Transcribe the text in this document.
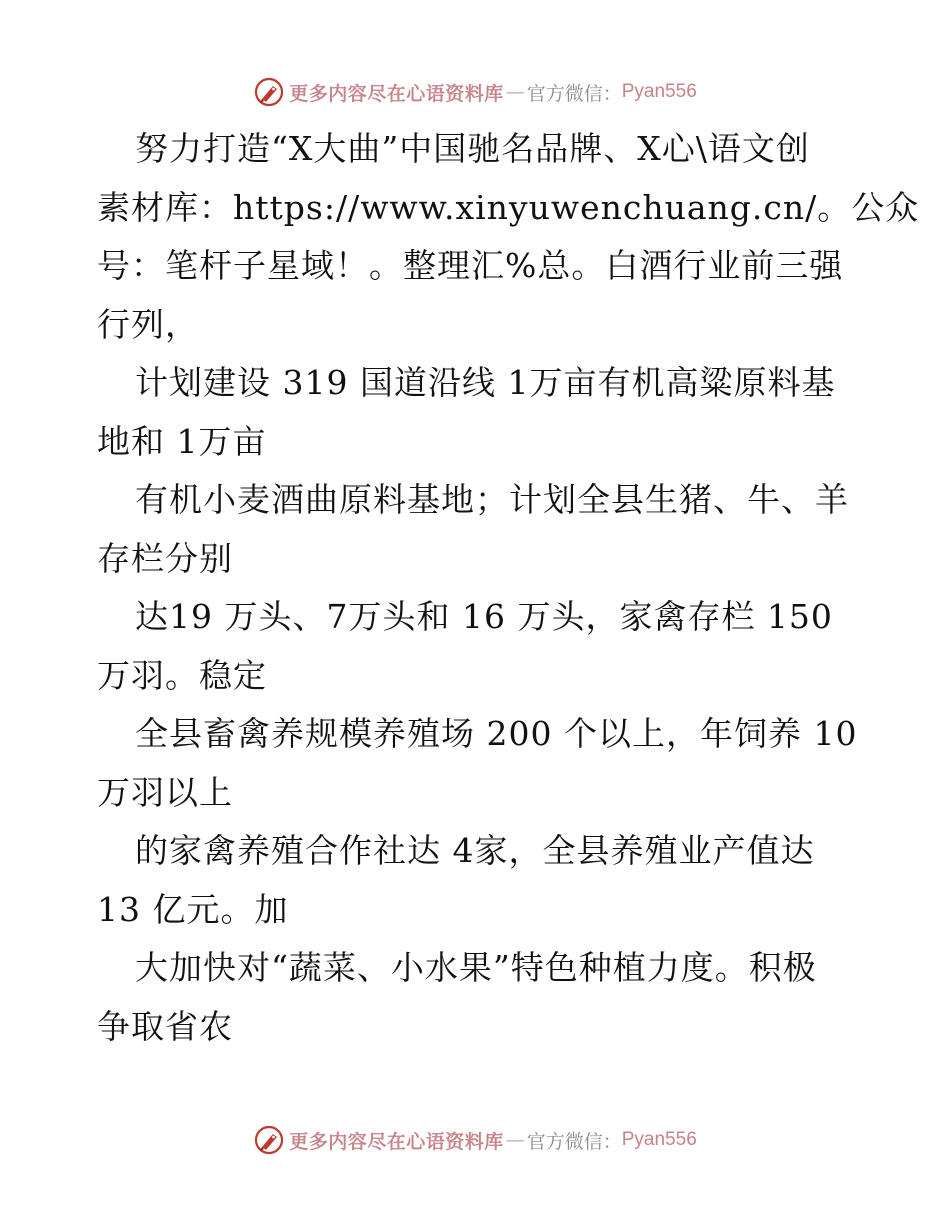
更多内容尽在心语资料库 — 官方微信： Pyan556
努力打造“X大曲”中国驰名品牌、X心\语文创
素材库：https://www.xinyuwenchuang.cn/。公众
号：笔杆子星域！。整理汇%总。白酒行业前三强
行列，
计划建设 319 国道沿线 1万亩有机高粱原料基
地和 1万亩
有机小麦酒曲原料基地；计划全县生猪、牛、羊
存栏分别
达19 万头、7万头和 16 万头，家禽存栏 150
万羽。稳定
全县畜禽养规模养殖场 200 个以上，年饲养 10
万羽以上
的家禽养殖合作社达 4家，全县养殖业产值达
13 亿元。加
大加快对“蔬菜、小水果”特色种植力度。积极
争取省农
更多内容尽在心语资料库 — 官方微信： Pyan556
